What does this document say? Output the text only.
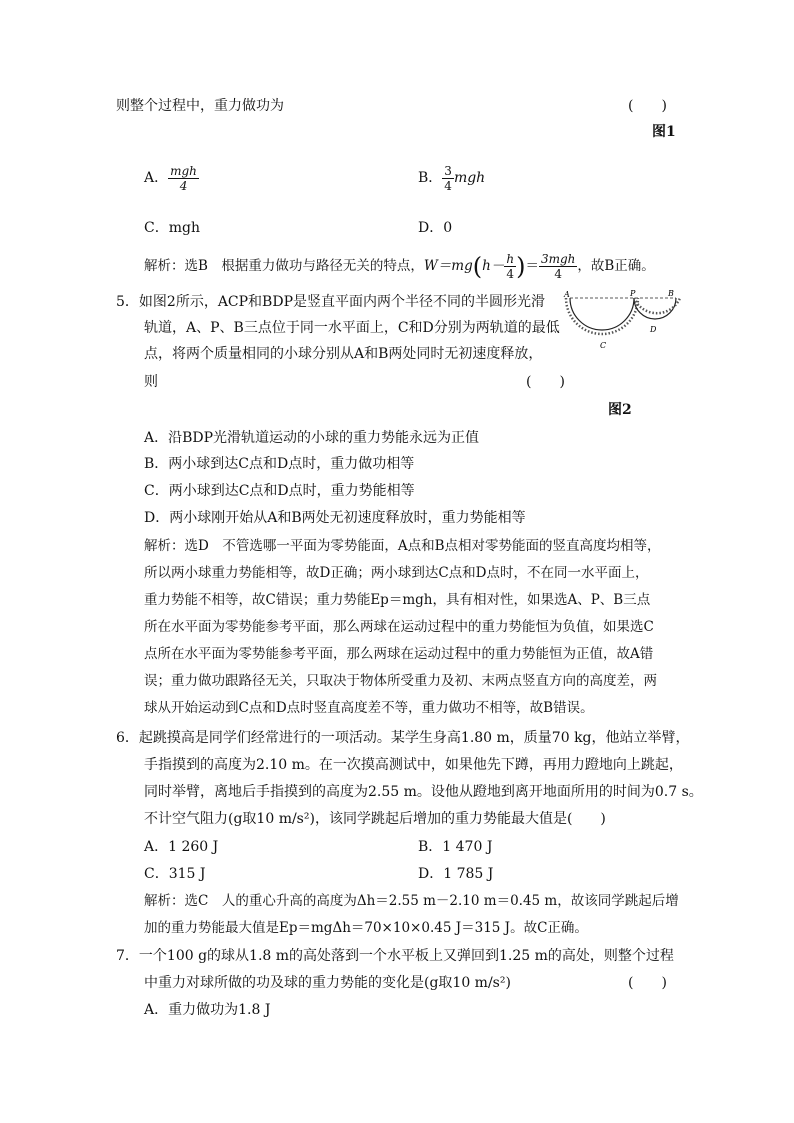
则整个过程中，重力做功为	(　　)
图1
A． $\frac{\text{mgh}}{4}$	B． $\frac{3}{4}$ mgh
C．mgh	D．0
解析：选B　根据重力做功与路径无关的特点，$W=mg(h- \frac{h}{4}$ )＝ $\frac{\text{3mgh}}{4}$ ，故B正确。
5．如图2所示，ACP和BDP是竖直平面内两个半径不同的半圆形光滑
轨道，A、P、B三点位于同一水平面上，C和D分别为两轨道的最低
点，将两个质量相同的小球分别从A和B两处同时无初速度释放，
则	(　　)
A	P	B
C
D
图2
A．沿BDP光滑轨道运动的小球的重力势能永远为正值
B．两小球到达C点和D点时，重力做功相等
C．两小球到达C点和D点时，重力势能相等
D．两小球刚开始从A和B两处无初速度释放时，重力势能相等
解析：选D　不管选哪一平面为零势能面，A点和B点相对零势能面的竖直高度均相等，
所以两小球重力势能相等，故D正确；两小球到达C点和D点时，不在同一水平面上，
重力势能不相等，故C错误；重力势能Ep＝mgh，具有相对性，如果选A、P、B三点
所在水平面为零势能参考平面，那么两球在运动过程中的重力势能恒为负值，如果选C
点所在水平面为零势能参考平面，那么两球在运动过程中的重力势能恒为正值，故A错
误；重力做功跟路径无关，只取决于物体所受重力及初、末两点竖直方向的高度差，两
球从开始运动到C点和D点时竖直高度差不等，重力做功不相等，故B错误。
6．起跳摸高是同学们经常进行的一项活动。某学生身高1.80 m，质量70 kg，他站立举臂，
手指摸到的高度为2.10 m。在一次摸高测试中，如果他先下蹲，再用力蹬地向上跳起，
同时举臂，离地后手指摸到的高度为2.55 m。设他从蹬地到离开地面所用的时间为0.7 s。
不计空气阻力(g取10 m/s²)，该同学跳起后增加的重力势能最大值是(　　)
A．1 260 J	B．1 470 J
C．315 J	D．1 785 J
解析：选C　人的重心升高的高度为Δh＝2.55 m－2.10 m＝0.45 m，故该同学跳起后增
加的重力势能最大值是Ep＝mgΔh＝70×10×0.45 J＝315 J。故C正确。
7．一个100 g的球从1.8 m的高处落到一个水平板上又弹回到1.25 m的高处，则整个过程
中重力对球所做的功及球的重力势能的变化是(g取10 m/s²)	(　　)
A．重力做功为1.8 J
